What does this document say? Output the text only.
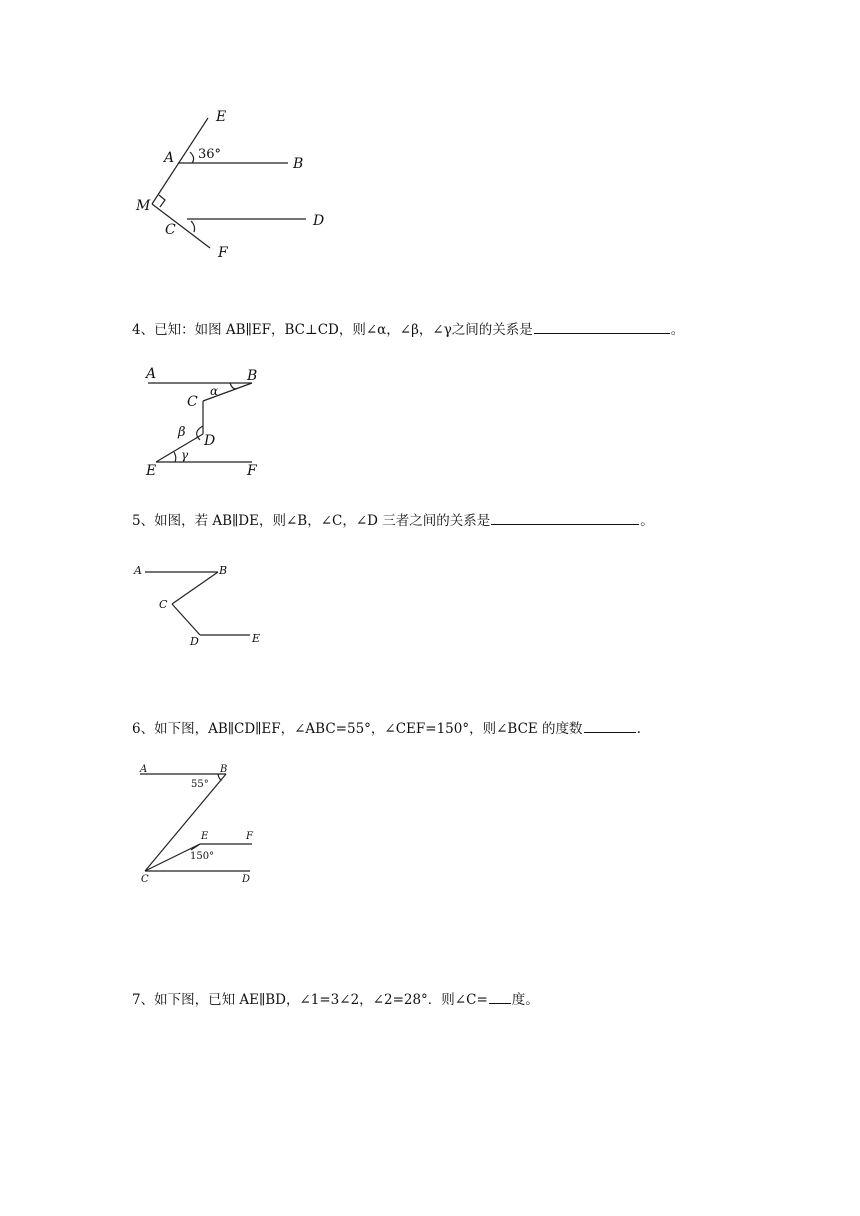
E
A 36°
B
M
C
D
F
4、已知：如图 AB∥EF，BC⊥CD，则∠α，∠β，∠γ之间的关系是	。
A	B
α
C
β
D
E
γ
F
5、如图，若 AB∥DE，则∠B，∠C，∠D 三者之间的关系是	。
A	B
C
D	E
6、如下图，AB∥CD∥EF，∠ABC=55°，∠CEF=150°，则∠BCE 的度数	.
A	B
55°
E	F
150°
C	D
7、如下图，已知 AE∥BD，∠1=3∠2，∠2=28°．则∠C= 度。
